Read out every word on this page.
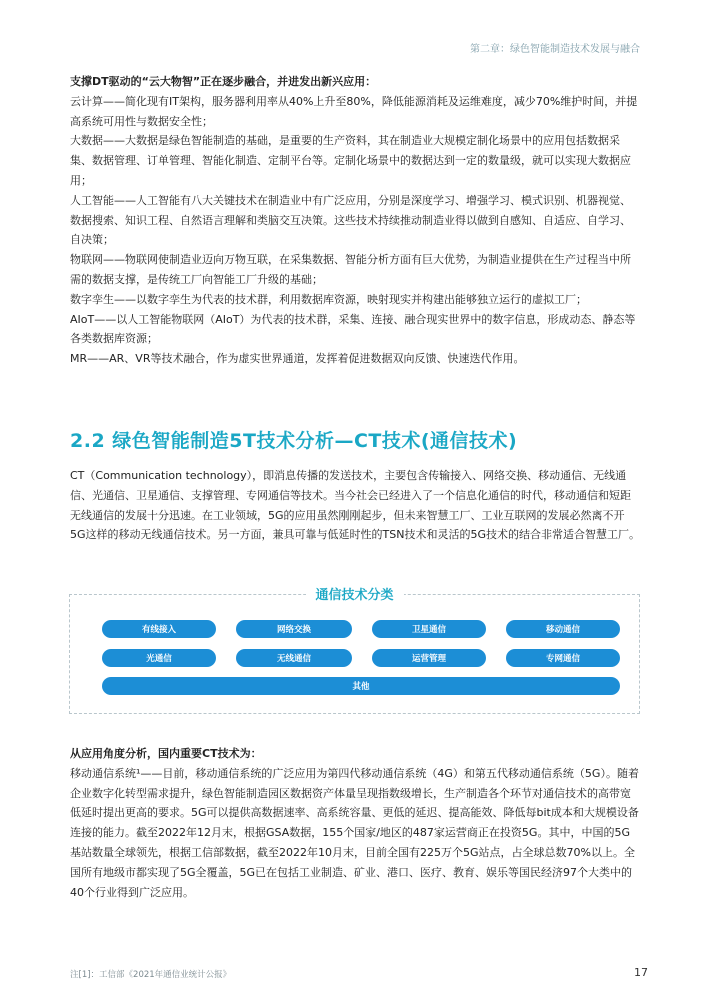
第二章：绿色智能制造技术发展与融合

支撑DT驱动的“云大物智”正在逐步融合，并进发出新兴应用：

云计算——简化现有IT架构，服务器利用率从40%上升至80%，降低能源消耗及运维难度，减少70%维护时间，并提高系统可用性与数据安全性；

大数据——大数据是绿色智能制造的基础，是重要的生产资料，其在制造业大规模定制化场景中的应用包括数据采集、数据管理、订单管理、智能化制造、定制平台等。定制化场景中的数据达到一定的数量级，就可以实现大数据应用；

人工智能——人工智能有八大关键技术在制造业中有广泛应用，分别是深度学习、增强学习、模式识别、机器视觉、数据搜索、知识工程、自然语言理解和类脑交互决策。这些技术持续推动制造业得以做到自感知、自适应、自学习、自决策；

物联网——物联网使制造业迈向万物互联，在采集数据、智能分析方面有巨大优势，为制造业提供在生产过程当中所需的数据支撑，是传统工厂向智能工厂升级的基础；

数字孪生——以数字孪生为代表的技术群，利用数据库资源，映射现实并构建出能够独立运行的虚拟工厂；

AIoT——以人工智能物联网（AIoT）为代表的技术群，采集、连接、融合现实世界中的数字信息，形成动态、静态等各类数据库资源；

MR——AR、VR等技术融合，作为虚实世界通道，发挥着促进数据双向反馈、快速迭代作用。

2.2 绿色智能制造5T技术分析—CT技术(通信技术)

CT（Communication technology），即消息传播的发送技术，主要包含传输接入、网络交换、移动通信、无线通信、光通信、卫星通信、支撑管理、专网通信等技术。当今社会已经进入了一个信息化通信的时代，移动通信和短距无线通信的发展十分迅速。在工业领域，5G的应用虽然刚刚起步，但未来智慧工厂、工业互联网的发展必然离不开5G这样的移动无线通信技术。另一方面，兼具可靠与低延时性的TSN技术和灵活的5G技术的结合非常适合智慧工厂。

通信技术分类
有线接入	网络交换	卫星通信	移动通信
光通信	无线通信	运营管理	专网通信
其他

从应用角度分析，国内重要CT技术为：

移动通信系统¹——目前，移动通信系统的广泛应用为第四代移动通信系统（4G）和第五代移动通信系统（5G）。随着企业数字化转型需求提升，绿色智能制造园区数据资产体量呈现指数级增长，生产制造各个环节对通信技术的高带宽低延时提出更高的要求。5G可以提供高数据速率、高系统容量、更低的延迟、提高能效、降低每bit成本和大规模设备连接的能力。截至2022年12月末，根据GSA数据，155个国家/地区的487家运营商正在投资5G。其中，中国的5G基站数量全球领先，根据工信部数据，截至2022年10月末，目前全国有225万个5G站点，占全球总数70%以上。全国所有地级市都实现了5G全覆盖，5G已在包括工业制造、矿业、港口、医疗、教育、娱乐等国民经济97个大类中的40个行业得到广泛应用。

注[1]：工信部《2021年通信业统计公报》	17
